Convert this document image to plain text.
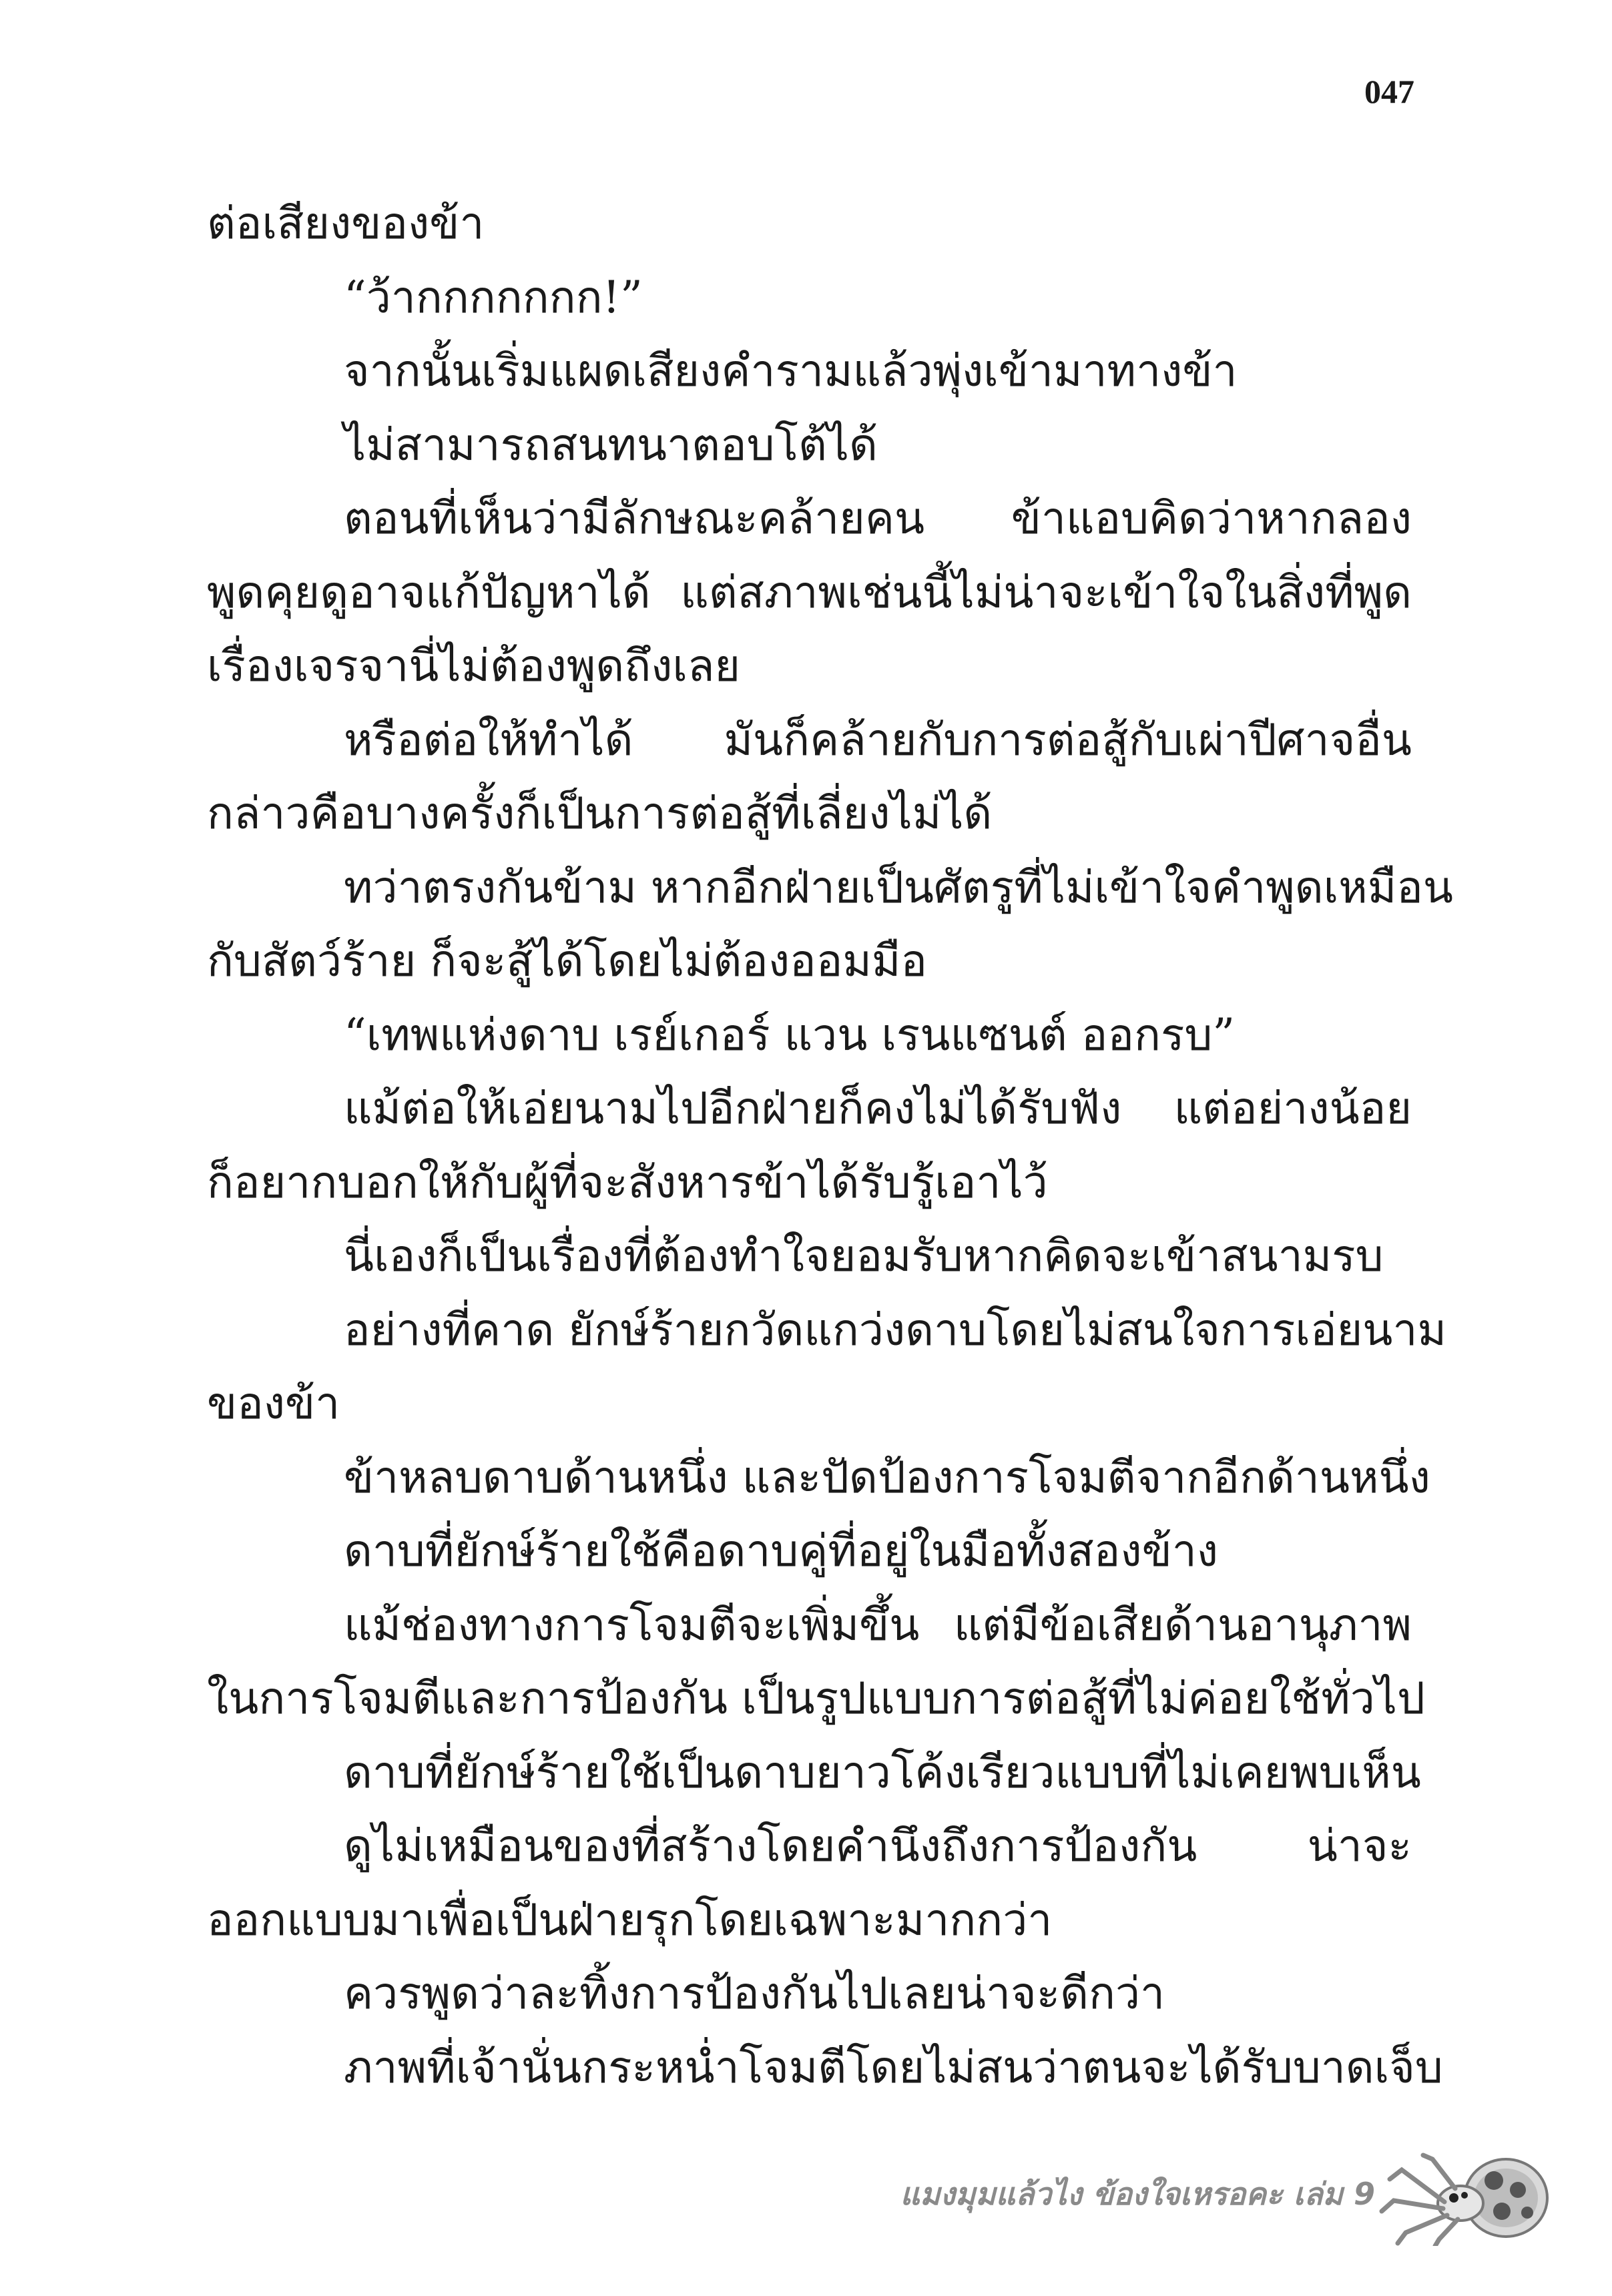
047
ต่อเสียงของข้า
“ว้ากกกกกกก!”
จากนั้นเริ่มแผดเสียงคำรามแล้วพุ่งเข้ามาทางข้า
ไม่สามารถสนทนาตอบโต้ได้
ตอนที่เห็นว่ามีลักษณะคล้ายคน ข้าแอบคิดว่าหากลอง
พูดคุยดูอาจแก้ปัญหาได้ แต่สภาพเช่นนี้ไม่น่าจะเข้าใจในสิ่งที่พูด
เรื่องเจรจานี่ไม่ต้องพูดถึงเลย
หรือต่อให้ทำได้ มันก็คล้ายกับการต่อสู้กับเผ่าปีศาจอื่น
กล่าวคือบางครั้งก็เป็นการต่อสู้ที่เลี่ยงไม่ได้
ทว่าตรงกันข้าม หากอีกฝ่ายเป็นศัตรูที่ไม่เข้าใจคำพูดเหมือน
กับสัตว์ร้าย ก็จะสู้ได้โดยไม่ต้องออมมือ
“เทพแห่งดาบ เรย์เกอร์ แวน เรนแซนต์ ออกรบ”
แม้ต่อให้เอ่ยนามไปอีกฝ่ายก็คงไม่ได้รับฟัง แต่อย่างน้อย
ก็อยากบอกให้กับผู้ที่จะสังหารข้าได้รับรู้เอาไว้
นี่เองก็เป็นเรื่องที่ต้องทำใจยอมรับหากคิดจะเข้าสนามรบ
อย่างที่คาด ยักษ์ร้ายกวัดแกว่งดาบโดยไม่สนใจการเอ่ยนาม
ของข้า
ข้าหลบดาบด้านหนึ่ง และปัดป้องการโจมตีจากอีกด้านหนึ่ง
ดาบที่ยักษ์ร้ายใช้คือดาบคู่ที่อยู่ในมือทั้งสองข้าง
แม้ช่องทางการโจมตีจะเพิ่มขึ้น แต่มีข้อเสียด้านอานุภาพ
ในการโจมตีและการป้องกัน เป็นรูปแบบการต่อสู้ที่ไม่ค่อยใช้ทั่วไป
ดาบที่ยักษ์ร้ายใช้เป็นดาบยาวโค้งเรียวแบบที่ไม่เคยพบเห็น
ดูไม่เหมือนของที่สร้างโดยคำนึงถึงการป้องกัน น่าจะ
ออกแบบมาเพื่อเป็นฝ่ายรุกโดยเฉพาะมากกว่า
ควรพูดว่าละทิ้งการป้องกันไปเลยน่าจะดีกว่า
ภาพที่เจ้านั่นกระหน่ำโจมตีโดยไม่สนว่าตนจะได้รับบาดเจ็บ
แมงมุมแล้วไง ข้องใจเหรอคะ เล่ม 9
